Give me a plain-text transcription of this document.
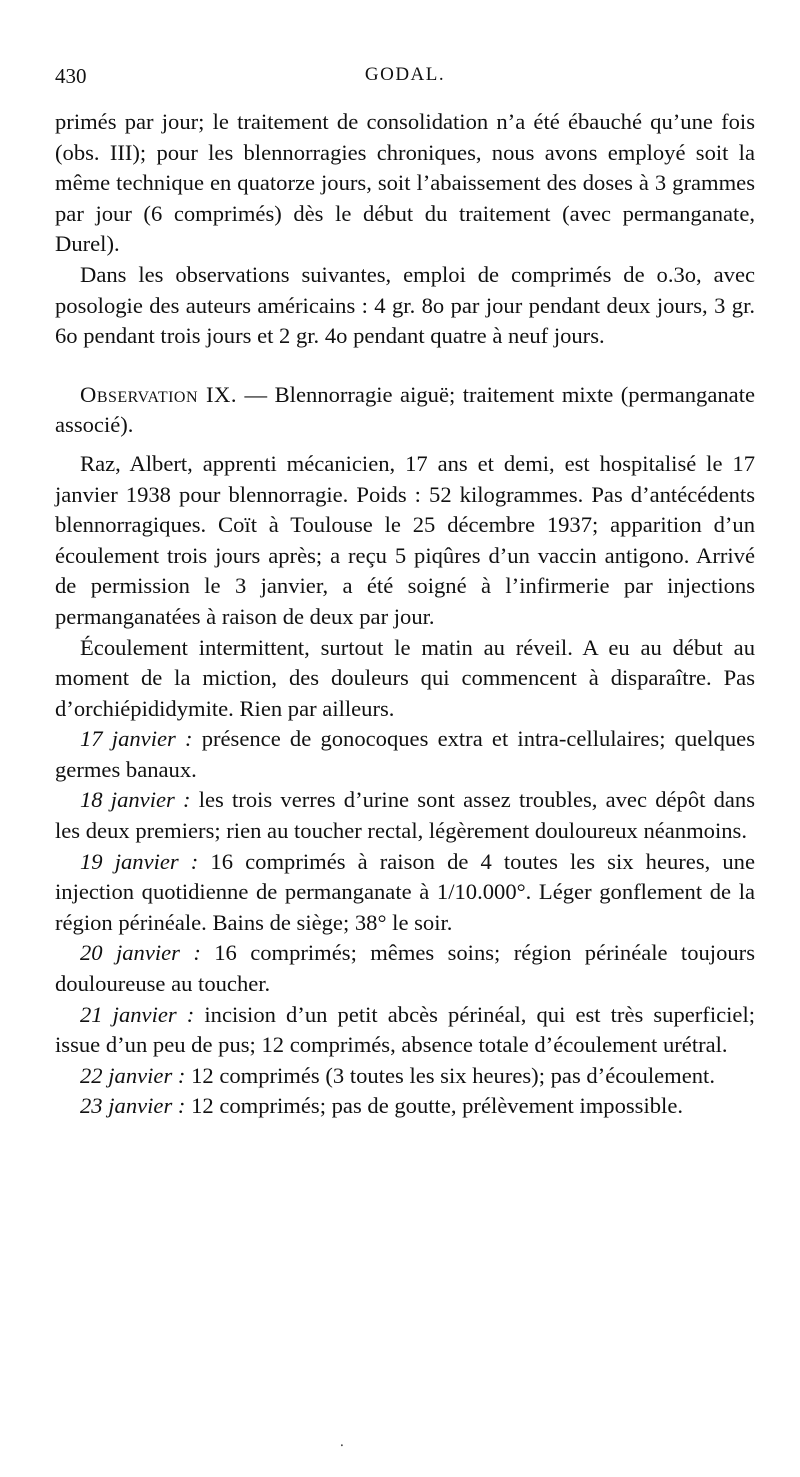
430	GODAL.

primés par jour; le traitement de consolidation n’a été ébauché qu’une fois (obs. III); pour les blennorragies chroniques, nous avons employé soit la même technique en quatorze jours, soit l’abaissement des doses à 3 grammes par jour (6 comprimés) dès le début du traitement (avec permanganate, Durel).

Dans les observations suivantes, emploi de comprimés de o.3o, avec posologie des auteurs américains : 4 gr. 8o par jour pendant deux jours, 3 gr. 6o pendant trois jours et 2 gr. 4o pendant quatre à neuf jours.

Observation IX. — Blennorragie aiguë; traitement mixte (permanganate associé).

Raz, Albert, apprenti mécanicien, 17 ans et demi, est hospitalisé le 17 janvier 1938 pour blennorragie. Poids : 52 kilogrammes. Pas d’antécédents blennorragiques. Coït à Toulouse le 25 décembre 1937; apparition d’un écoulement trois jours après; a reçu 5 piqûres d’un vaccin antigono. Arrivé de permission le 3 janvier, a été soigné à l’infirmerie par injections permanganatées à raison de deux par jour.

Écoulement intermittent, surtout le matin au réveil. A eu au début au moment de la miction, des douleurs qui commencent à disparaître. Pas d’orchiépididymite. Rien par ailleurs.

17 janvier : présence de gonocoques extra et intra-cellulaires; quelques germes banaux.

18 janvier : les trois verres d’urine sont assez troubles, avec dépôt dans les deux premiers; rien au toucher rectal, légèrement douloureux néanmoins.

19 janvier : 16 comprimés à raison de 4 toutes les six heures, une injection quotidienne de permanganate à 1/10.000°. Léger gonflement de la région périnéale. Bains de siège; 38° le soir.

20 janvier : 16 comprimés; mêmes soins; région périnéale toujours douloureuse au toucher.

21 janvier : incision d’un petit abcès périnéal, qui est très superficiel; issue d’un peu de pus; 12 comprimés, absence totale d’écoulement urétral.

22 janvier : 12 comprimés (3 toutes les six heures); pas d’écoulement.

23 janvier : 12 comprimés; pas de goutte, prélèvement impossible.

⸱
